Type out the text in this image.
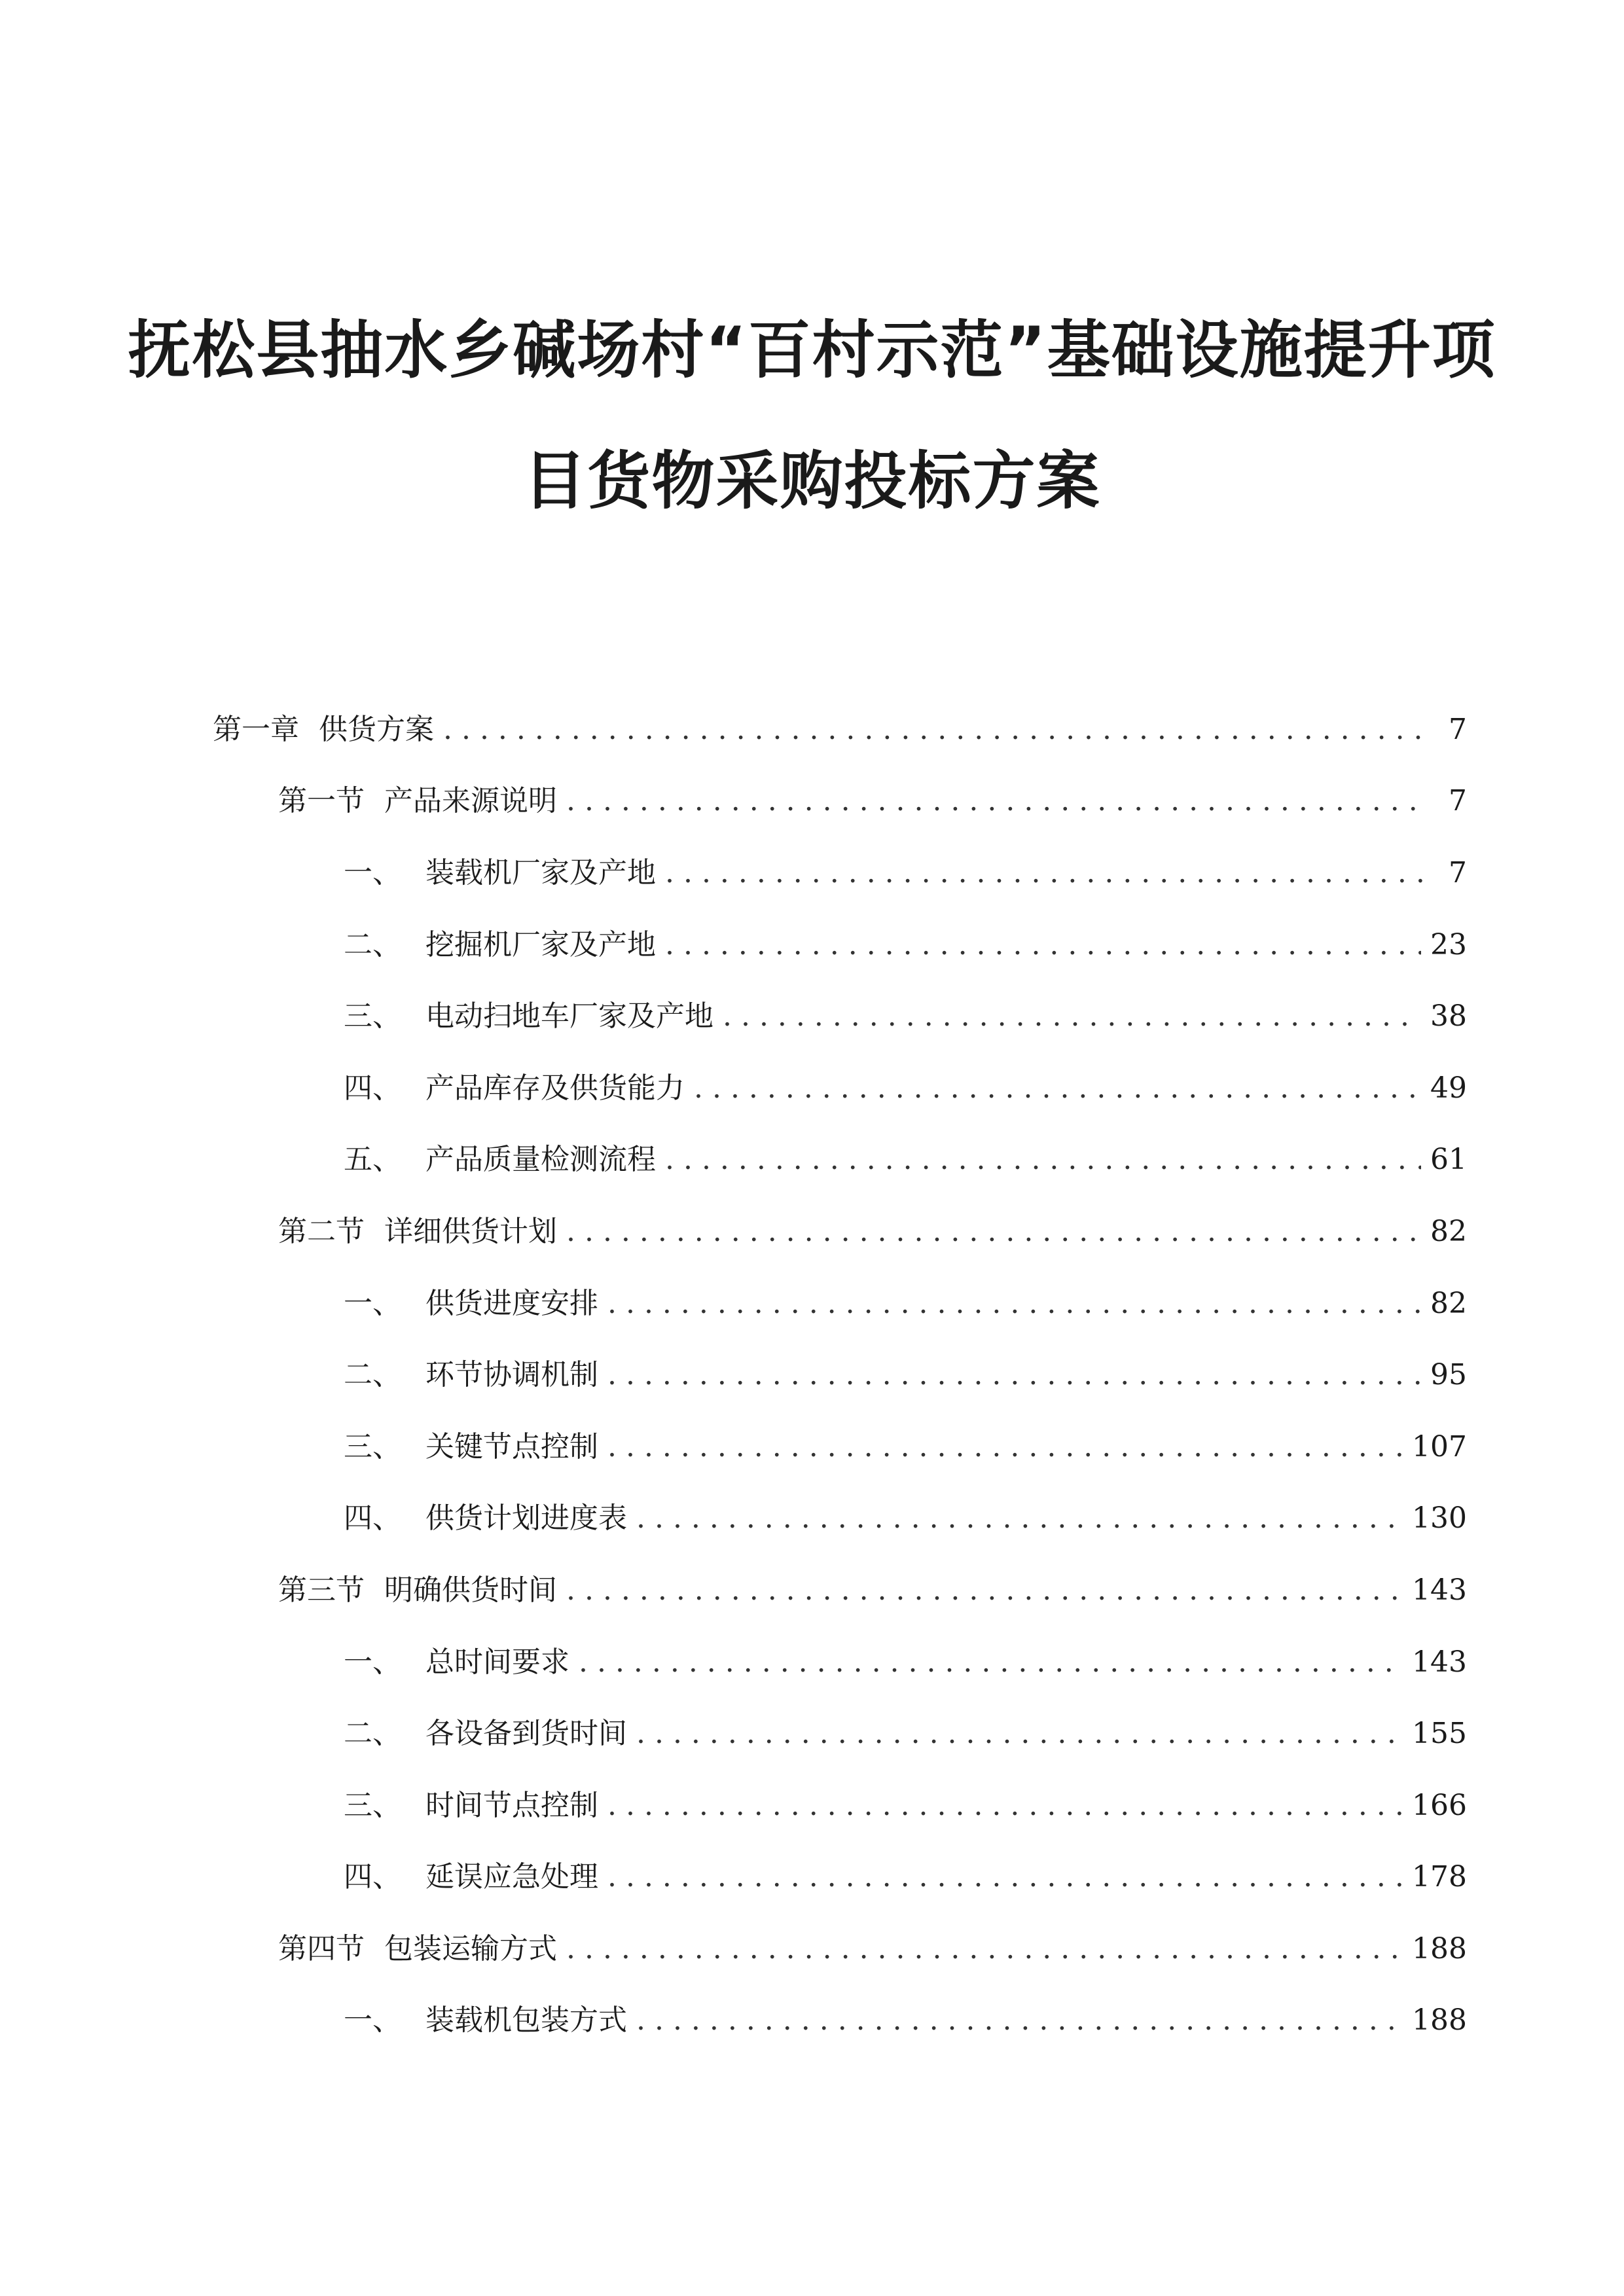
抚松县抽水乡碱场村“百村示范”基础设施提升项

目货物采购投标方案

第一章 供货方案 . . .	7
第一节 产品来源说明 . . .	7
一、 装载机厂家及产地 . . .	7
二、 挖掘机厂家及产地 . . .	23
三、 电动扫地车厂家及产地 . . .	38
四、 产品库存及供货能力 . . .	49
五、 产品质量检测流程 . . .	61
第二节 详细供货计划 . . .	82
一、 供货进度安排 . . .	82
二、 环节协调机制 . . .	95
三、 关键节点控制 . . .	107
四、 供货计划进度表 . . .	130
第三节 明确供货时间 . . .	143
一、 总时间要求 . . .	143
二、 各设备到货时间 . . .	155
三、 时间节点控制 . . .	166
四、 延误应急处理 . . .	178
第四节 包装运输方式 . . .	188
一、 装载机包装方式 . . .	188
